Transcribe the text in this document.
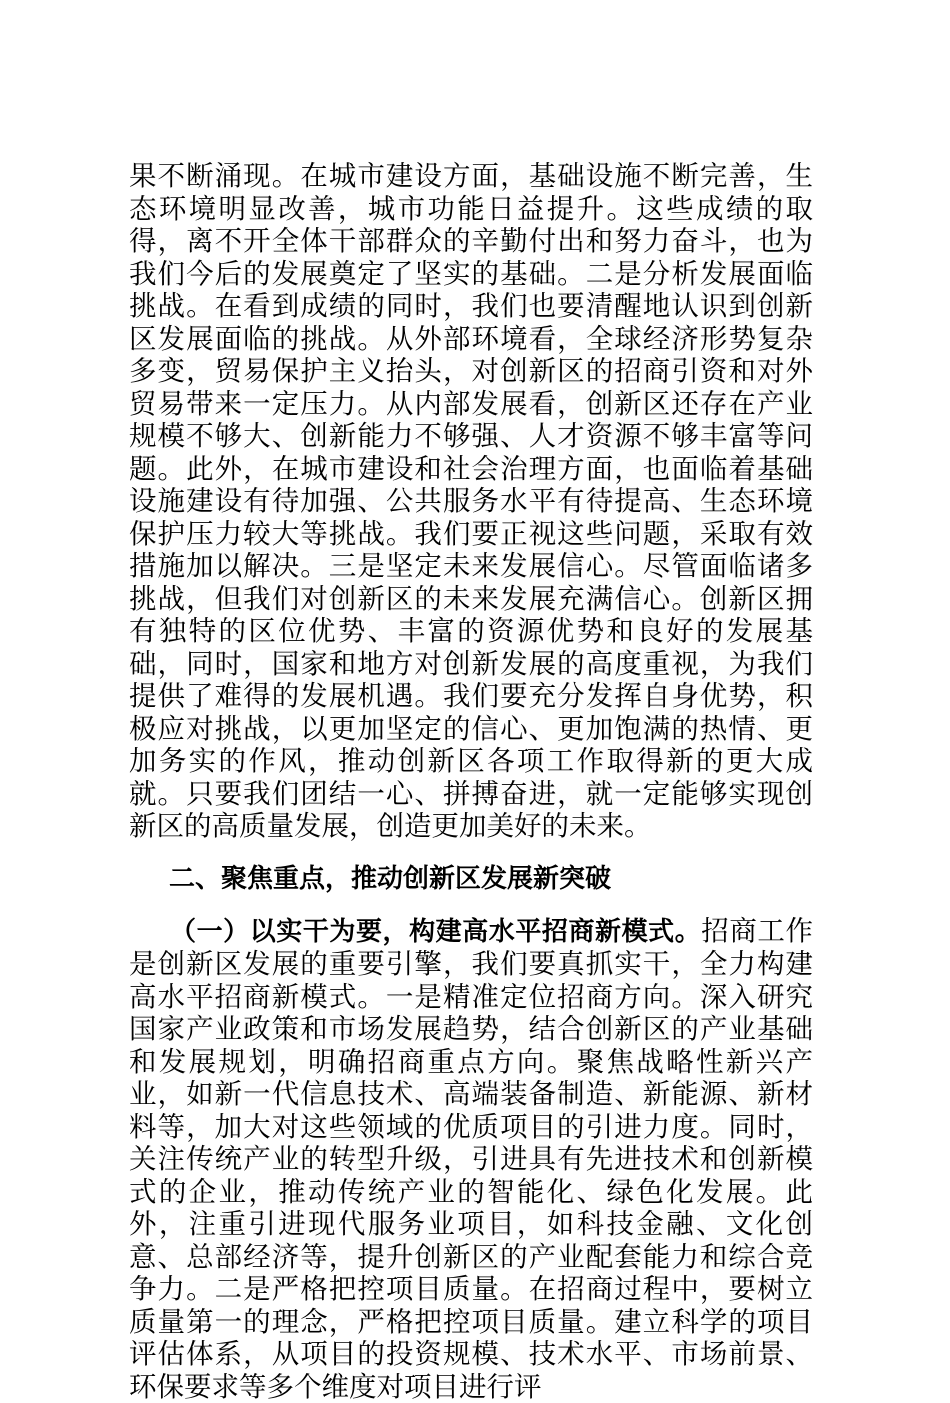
果不断涌现。在城市建设方面，基础设施不断完善，生态环境明显改善，城市功能日益提升。这些成绩的取得，离不开全体干部群众的辛勤付出和努力奋斗，也为我们今后的发展奠定了坚实的基础。二是分析发展面临挑战。在看到成绩的同时，我们也要清醒地认识到创新区发展面临的挑战。从外部环境看，全球经济形势复杂多变，贸易保护主义抬头，对创新区的招商引资和对外贸易带来一定压力。从内部发展看，创新区还存在产业规模不够大、创新能力不够强、人才资源不够丰富等问题。此外，在城市建设和社会治理方面，也面临着基础设施建设有待加强、公共服务水平有待提高、生态环境保护压力较大等挑战。我们要正视这些问题，采取有效措施加以解决。三是坚定未来发展信心。尽管面临诸多挑战，但我们对创新区的未来发展充满信心。创新区拥有独特的区位优势、丰富的资源优势和良好的发展基础，同时，国家和地方对创新发展的高度重视，为我们提供了难得的发展机遇。我们要充分发挥自身优势，积极应对挑战，以更加坚定的信心、更加饱满的热情、更加务实的作风，推动创新区各项工作取得新的更大成就。只要我们团结一心、拼搏奋进，就一定能够实现创新区的高质量发展，创造更加美好的未来。

二、聚焦重点，推动创新区发展新突破

（一）以实干为要，构建高水平招商新模式。招商工作是创新区发展的重要引擎，我们要真抓实干，全力构建高水平招商新模式。一是精准定位招商方向。深入研究国家产业政策和市场发展趋势，结合创新区的产业基础和发展规划，明确招商重点方向。聚焦战略性新兴产业，如新一代信息技术、高端装备制造、新能源、新材料等，加大对这些领域的优质项目的引进力度。同时，关注传统产业的转型升级，引进具有先进技术和创新模式的企业，推动传统产业的智能化、绿色化发展。此外，注重引进现代服务业项目，如科技金融、文化创意、总部经济等，提升创新区的产业配套能力和综合竞争力。二是严格把控项目质量。在招商过程中，要树立质量第一的理念，严格把控项目质量。建立科学的项目评估体系，从项目的投资规模、技术水平、市场前景、环保要求等多个维度对项目进行评
